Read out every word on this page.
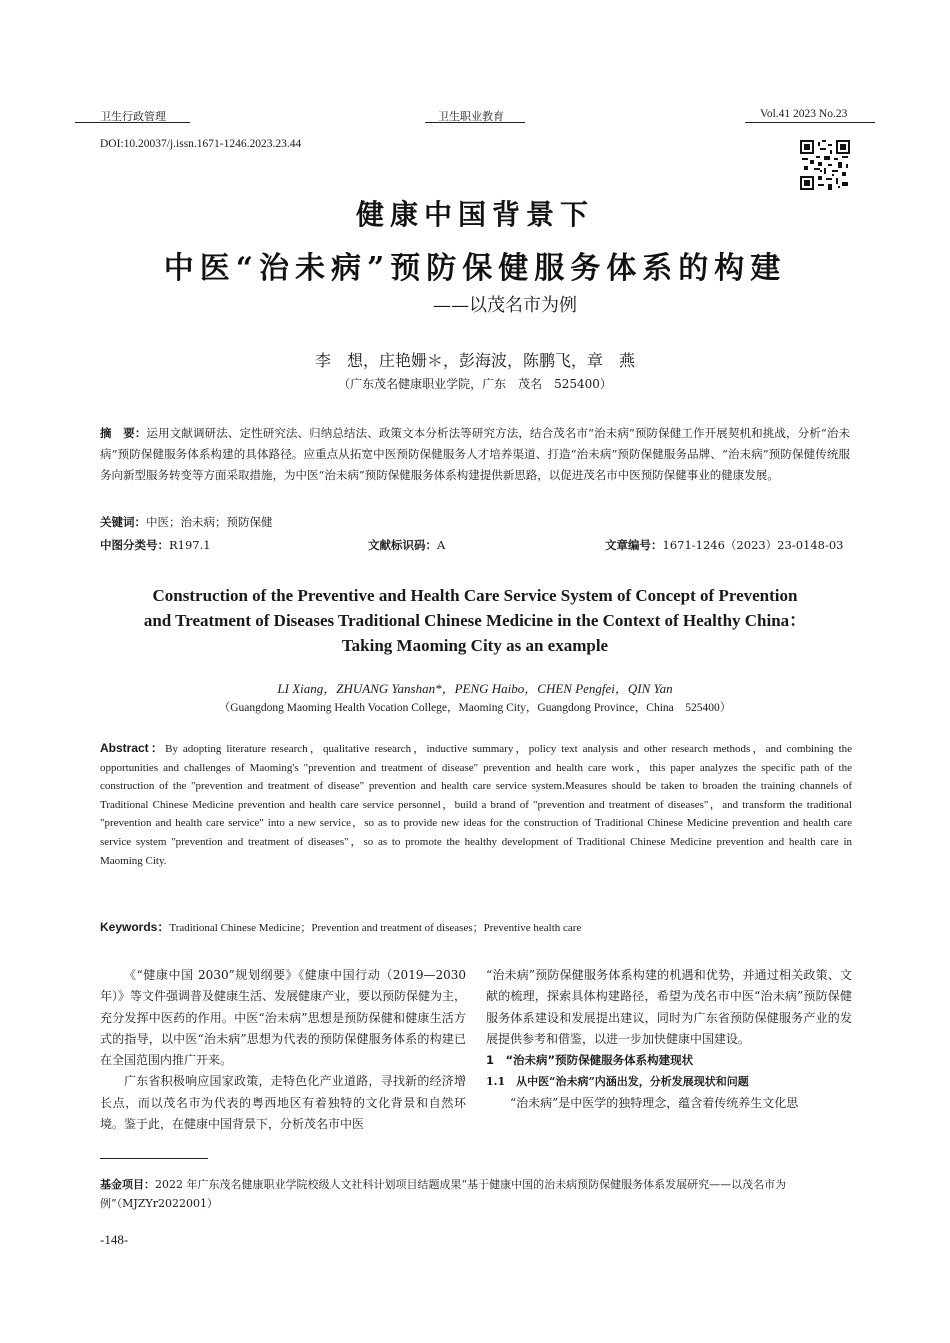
卫生行政管理	卫生职业教育	Vol.41 2023 No.23
DOI:10.20037/j.issn.1671-1246.2023.23.44
健康中国背景下
中医“治未病”预防保健服务体系的构建
——以茂名市为例
李　想，庄艳姗＊，彭海波，陈鹏飞，章　燕
（广东茂名健康职业学院，广东　茂名　525400）
摘　要：运用文献调研法、定性研究法、归纳总结法、政策文本分析法等研究方法，结合茂名市“治未病”预防保健工作开展契机和挑战，分析“治未病”预防保健服务体系构建的具体路径。应重点从拓宽中医预防保健服务人才培养渠道、打造“治未病”预防保健服务品牌、“治未病”预防保健传统服务向新型服务转变等方面采取措施，为中医“治未病”预防保健服务体系构建提供新思路，以促进茂名市中医预防保健事业的健康发展。
关键词：中医；治未病；预防保健
中图分类号：R197.1	文献标识码：A	文章编号：1671-1246（2023）23-0148-03
Construction of the Preventive and Health Care Service System of Concept of Prevention
and Treatment of Diseases Traditional Chinese Medicine in the Context of Healthy China：
Taking Maoming City as an example
LI Xiang，ZHUANG Yanshan*，PENG Haibo，CHEN Pengfei，QIN Yan
（Guangdong Maoming Health Vocation College，Maoming City，Guangdong Province，China　525400）
Abstract：By adopting literature research，qualitative research，inductive summary，policy text analysis and other research methods，and combining the opportunities and challenges of Maoming's "prevention and treatment of disease" prevention and health care work，this paper analyzes the specific path of the construction of the "prevention and treatment of disease" prevention and health care service system.Measures should be taken to broaden the training channels of Traditional Chinese Medicine prevention and health care service personnel，build a brand of "prevention and treatment of diseases"，and transform the traditional "prevention and health care service" into a new service，so as to provide new ideas for the construction of Traditional Chinese Medicine prevention and health care service system "prevention and treatment of diseases"，so as to promote the healthy development of Traditional Chinese Medicine prevention and health care in Maoming City.
Keywords：Traditional Chinese Medicine；Prevention and treatment of diseases；Preventive health care

《“健康中国 2030”规划纲要》《健康中国行动（2019—2030年）》等文件强调普及健康生活、发展健康产业，要以预防保健为主，充分发挥中医药的作用。中医“治未病”思想是预防保健和健康生活方式的指导，以中医“治未病”思想为代表的预防保健服务体系的构建已在全国范围内推广开来。

广东省积极响应国家政策，走特色化产业道路，寻找新的经济增长点，而以茂名市为代表的粤西地区有着独特的文化背景和自然环境。鉴于此，在健康中国背景下，分析茂名市中医

“治未病”预防保健服务体系构建的机遇和优势，并通过相关政策、文献的梳理，探索具体构建路径，希望为茂名市中医“治未病”预防保健服务体系建设和发展提出建议，同时为广东省预防保健服务产业的发展提供参考和借鉴，以进一步加快健康中国建设。

1　“治未病”预防保健服务体系构建现状

1.1　从中医“治未病”内涵出发，分析发展现状和问题

“治未病”是中医学的独特理念，蕴含着传统养生文化思

基金项目：2022 年广东茂名健康职业学院校级人文社科计划项目结题成果“基于健康中国的治未病预防保健服务体系发展研究——以茂名市为例”（MJZYr2022001）
-148-
